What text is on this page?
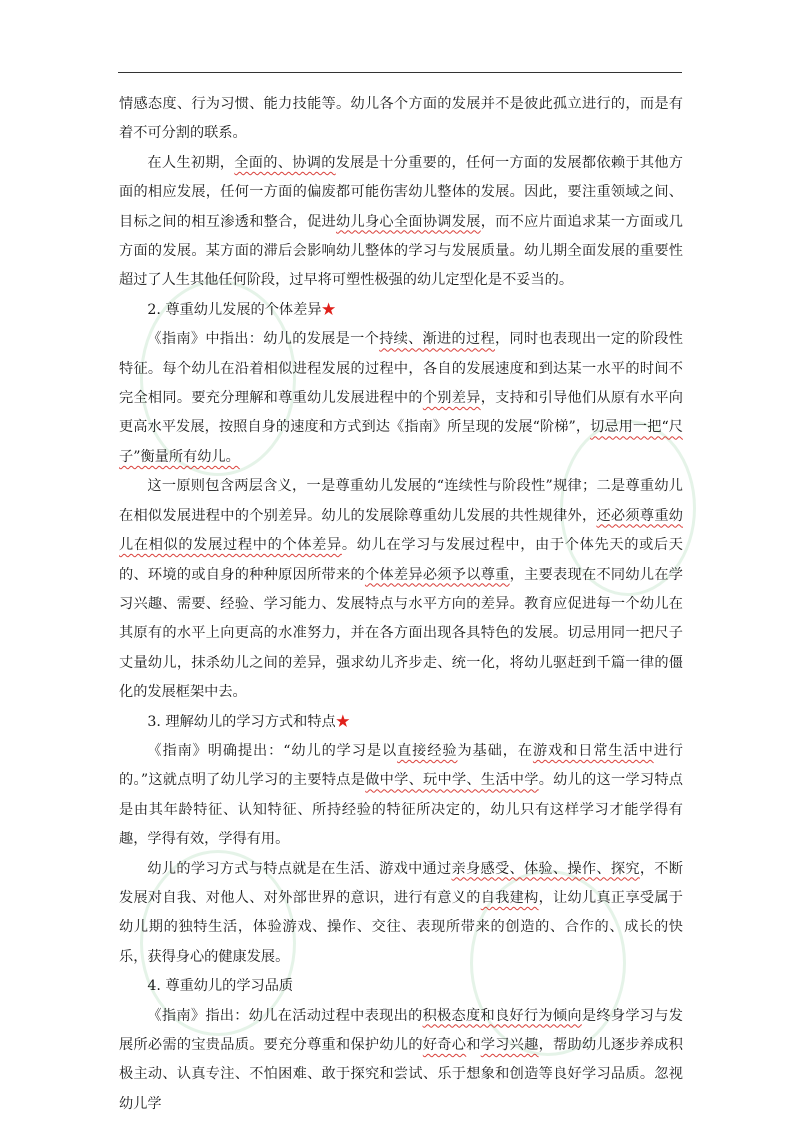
情感态度、行为习惯、能力技能等。幼儿各个方面的发展并不是彼此孤立进行的，而是有着不可分割的联系。

在人生初期，全面的、协调的发展是十分重要的，任何一方面的发展都依赖于其他方面的相应发展，任何一方面的偏废都可能伤害幼儿整体的发展。因此，要注重领域之间、目标之间的相互渗透和整合，促进幼儿身心全面协调发展，而不应片面追求某一方面或几方面的发展。某方面的滞后会影响幼儿整体的学习与发展质量。幼儿期全面发展的重要性超过了人生其他任何阶段，过早将可塑性极强的幼儿定型化是不妥当的。

2. 尊重幼儿发展的个体差异★

《指南》中指出：幼儿的发展是一个持续、渐进的过程，同时也表现出一定的阶段性特征。每个幼儿在沿着相似进程发展的过程中，各自的发展速度和到达某一水平的时间不完全相同。要充分理解和尊重幼儿发展进程中的个别差异，支持和引导他们从原有水平向更高水平发展，按照自身的速度和方式到达《指南》所呈现的发展“阶梯”，切忌用一把“尺子”衡量所有幼儿。

这一原则包含两层含义，一是尊重幼儿发展的“连续性与阶段性”规律；二是尊重幼儿在相似发展进程中的个别差异。幼儿的发展除尊重幼儿发展的共性规律外，还必须尊重幼儿在相似的发展过程中的个体差异。幼儿在学习与发展过程中，由于个体先天的或后天的、环境的或自身的种种原因所带来的个体差异必须予以尊重，主要表现在不同幼儿在学习兴趣、需要、经验、学习能力、发展特点与水平方向的差异。教育应促进每一个幼儿在其原有的水平上向更高的水准努力，并在各方面出现各具特色的发展。切忌用同一把尺子丈量幼儿，抹杀幼儿之间的差异，强求幼儿齐步走、统一化，将幼儿驱赶到千篇一律的僵化的发展框架中去。

3. 理解幼儿的学习方式和特点★

《指南》明确提出：“幼儿的学习是以直接经验为基础，在游戏和日常生活中进行的。”这就点明了幼儿学习的主要特点是做中学、玩中学、生活中学。幼儿的这一学习特点是由其年龄特征、认知特征、所持经验的特征所决定的，幼儿只有这样学习才能学得有趣，学得有效，学得有用。

幼儿的学习方式与特点就是在生活、游戏中通过亲身感受、体验、操作、探究，不断发展对自我、对他人、对外部世界的意识，进行有意义的自我建构，让幼儿真正享受属于幼儿期的独特生活，体验游戏、操作、交往、表现所带来的创造的、合作的、成长的快乐，获得身心的健康发展。

4. 尊重幼儿的学习品质

《指南》指出：幼儿在活动过程中表现出的积极态度和良好行为倾向是终身学习与发展所必需的宝贵品质。要充分尊重和保护幼儿的好奇心和学习兴趣，帮助幼儿逐步养成积极主动、认真专注、不怕困难、敢于探究和尝试、乐于想象和创造等良好学习品质。忽视幼儿学
